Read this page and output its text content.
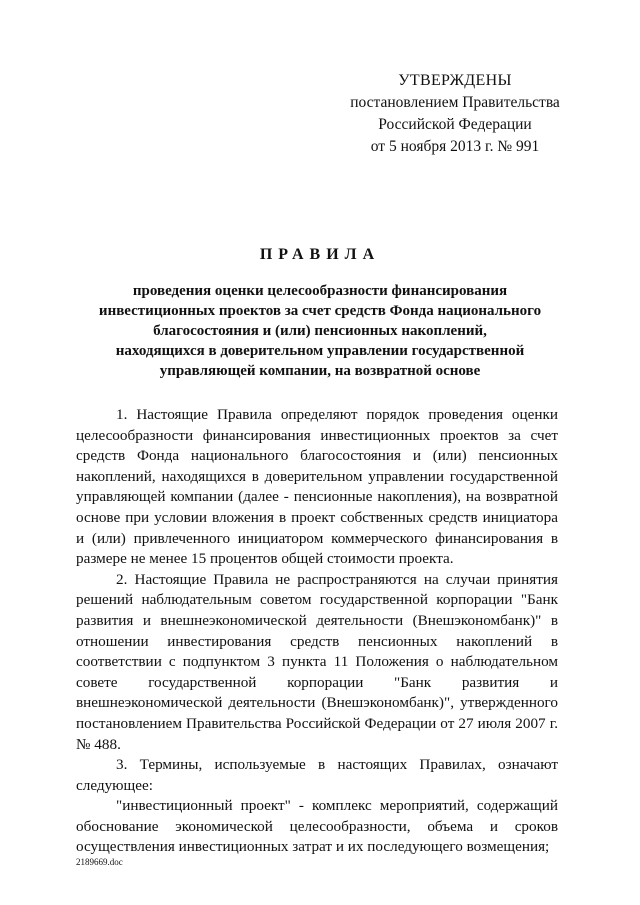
УТВЕРЖДЕНЫ
постановлением Правительства
Российской Федерации
от 5 ноября 2013 г. № 991
ПРАВИЛА
проведения оценки целесообразности финансирования
инвестиционных проектов за счет средств Фонда национального
благосостояния и (или) пенсионных накоплений,
находящихся в доверительном управлении государственной
управляющей компании, на возвратной основе

1. Настоящие Правила определяют порядок проведения оценки целесообразности финансирования инвестиционных проектов за счет средств Фонда национального благосостояния и (или) пенсионных накоплений, находящихся в доверительном управлении государственной управляющей компании (далее - пенсионные накопления), на возвратной основе при условии вложения в проект собственных средств инициатора и (или) привлеченного инициатором коммерческого финансирования в размере не менее 15 процентов общей стоимости проекта.

2. Настоящие Правила не распространяются на случаи принятия решений наблюдательным советом государственной корпорации "Банк развития и внешнеэкономической деятельности (Внешэкономбанк)" в отношении инвестирования средств пенсионных накоплений в соответствии с подпунктом 3 пункта 11 Положения о наблюдательном совете государственной корпорации "Банк развития и внешнеэкономической деятельности (Внешэкономбанк)", утвержденного постановлением Правительства Российской Федерации от 27 июля 2007 г. № 488.

3. Термины, используемые в настоящих Правилах, означают следующее:

"инвестиционный проект" - комплекс мероприятий, содержащий обоснование экономической целесообразности, объема и сроков осуществления инвестиционных затрат и их последующего возмещения;

2189669.doc
